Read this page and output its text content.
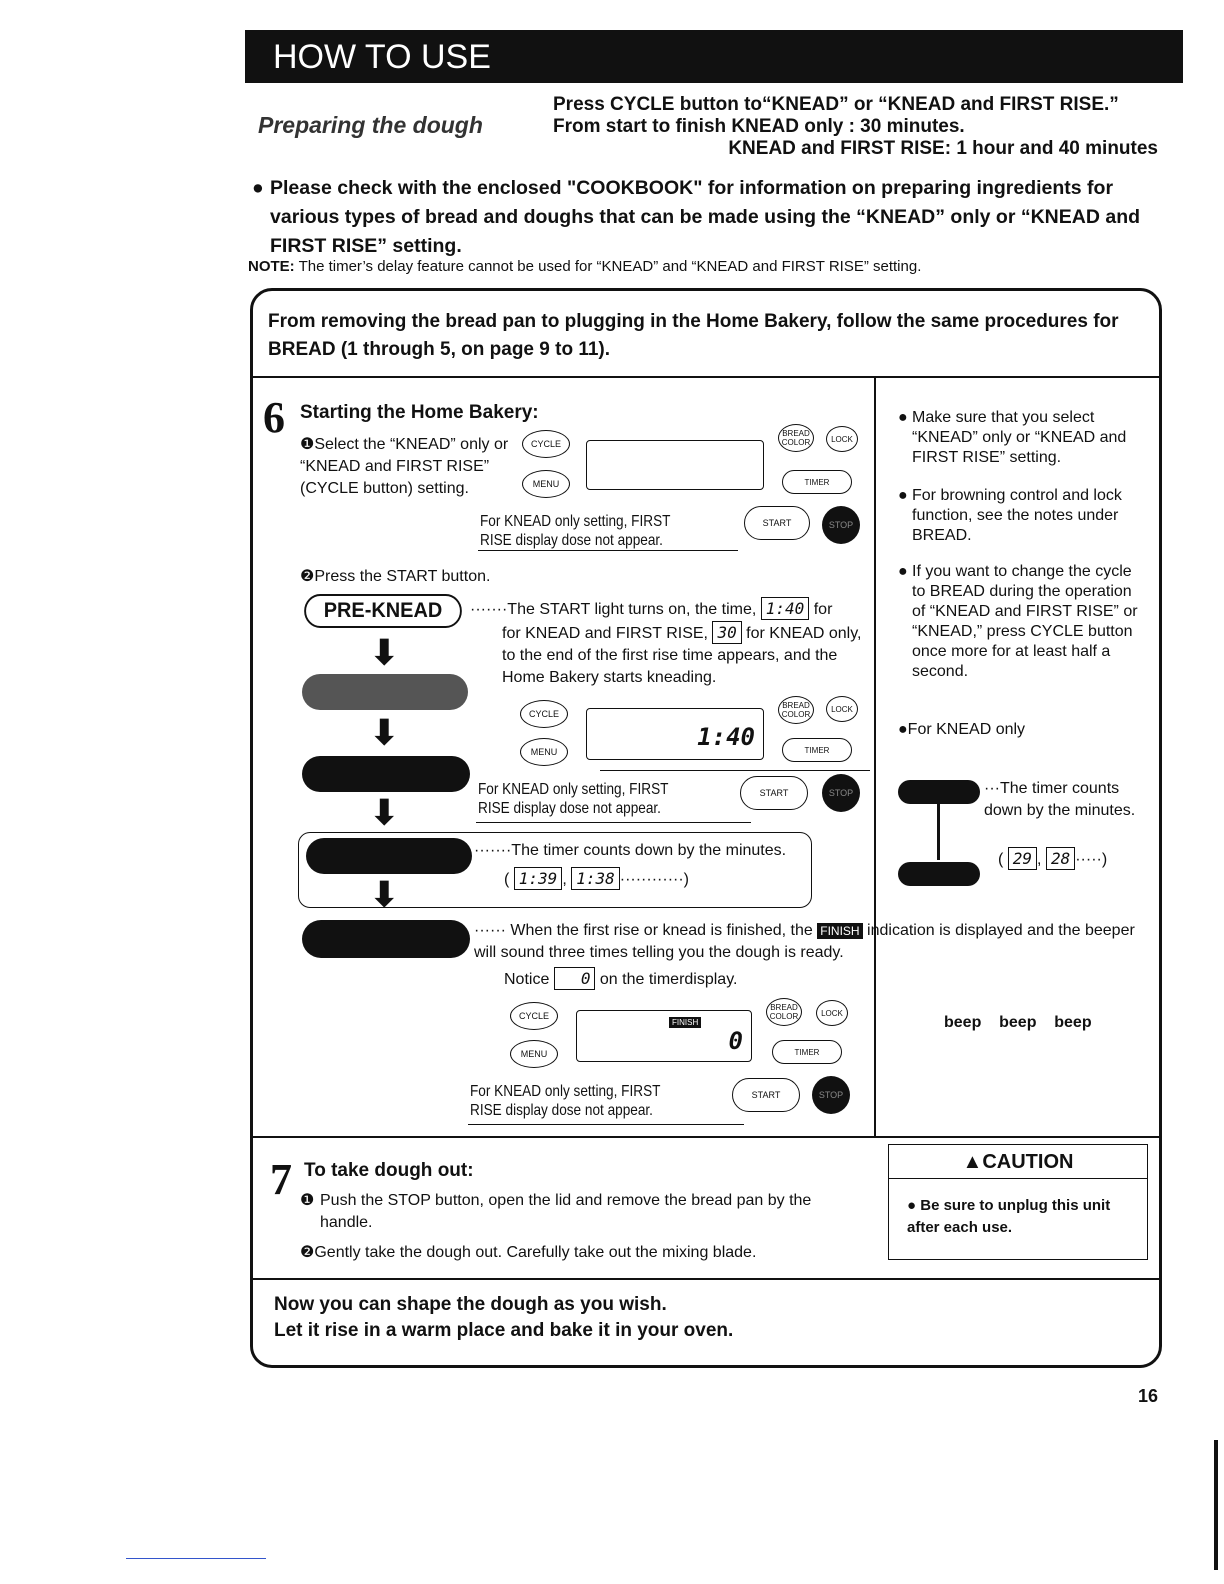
HOW TO USE
Preparing the dough
Press CYCLE button to“KNEAD” or “KNEAD and FIRST RISE.”
From start to finish KNEAD only : 30 minutes.
KNEAD and FIRST RISE: 1 hour and 40 minutes
● Please check with the enclosed "COOKBOOK" for information on preparing ingredients for various types of bread and doughs that can be made using the “KNEAD” only or “KNEAD and FIRST RISE” setting.
NOTE: The timer’s delay feature cannot be used for “KNEAD” and “KNEAD and FIRST RISE” setting.
From removing the bread pan to plugging in the Home Bakery, follow the same procedures for BREAD (1 through 5, on page 9 to 11).
6 Starting the Home Bakery:
❶Select the “KNEAD” only or “KNEAD and FIRST RISE” (CYCLE button) setting.
CYCLE
MENU
BREAD COLOR	LOCK
TIMER
START	STOP
For KNEAD only setting, FIRST RISE display dose not appear.
❷Press the START button.
PRE-KNEAD
⬇
⬇
⬇
⬇
·······The START light turns on, the time, 1:40 for
for KNEAD and FIRST RISE, 30 for KNEAD only,
to the end of the first rise time appears, and the Home Bakery starts kneading.
CYCLE
MENU
1:40
BREAD COLOR
LOCK
TIMER
START	STOP
For KNEAD only setting, FIRST RISE display dose not appear.
·······The timer counts down by the minutes.
( 1:39 , 1:38 ············)
······ When the first rise or knead is finished, the FINISH indication is displayed and the beeper will sound three times telling you the dough is ready.
Notice 0 on the timerdisplay.
CYCLE
MENU
FINISH
0
BREAD COLOR	LOCK
TIMER
START	STOP
For KNEAD only setting, FIRST RISE display dose not appear.
beep    beep    beep
● Make sure that you select “KNEAD” only or “KNEAD and FIRST RISE” setting.
● For browning control and lock function, see the notes under BREAD.
● If you want to change the cycle to BREAD during the operation of “KNEAD and FIRST RISE” or “KNEAD,” press CYCLE button once more for at least half a second.
●For KNEAD only
···The timer counts down by the minutes.
( 29 , 28 ·····)
7 To take dough out:
❶ Push the STOP button, open the lid and remove the bread pan by the handle.
❷Gently take the dough out. Carefully take out the mixing blade.
▲CAUTION
● Be sure to unplug this unit after each use.
Now you can shape the dough as you wish.
Let it rise in a warm place and bake it in your oven.
16
